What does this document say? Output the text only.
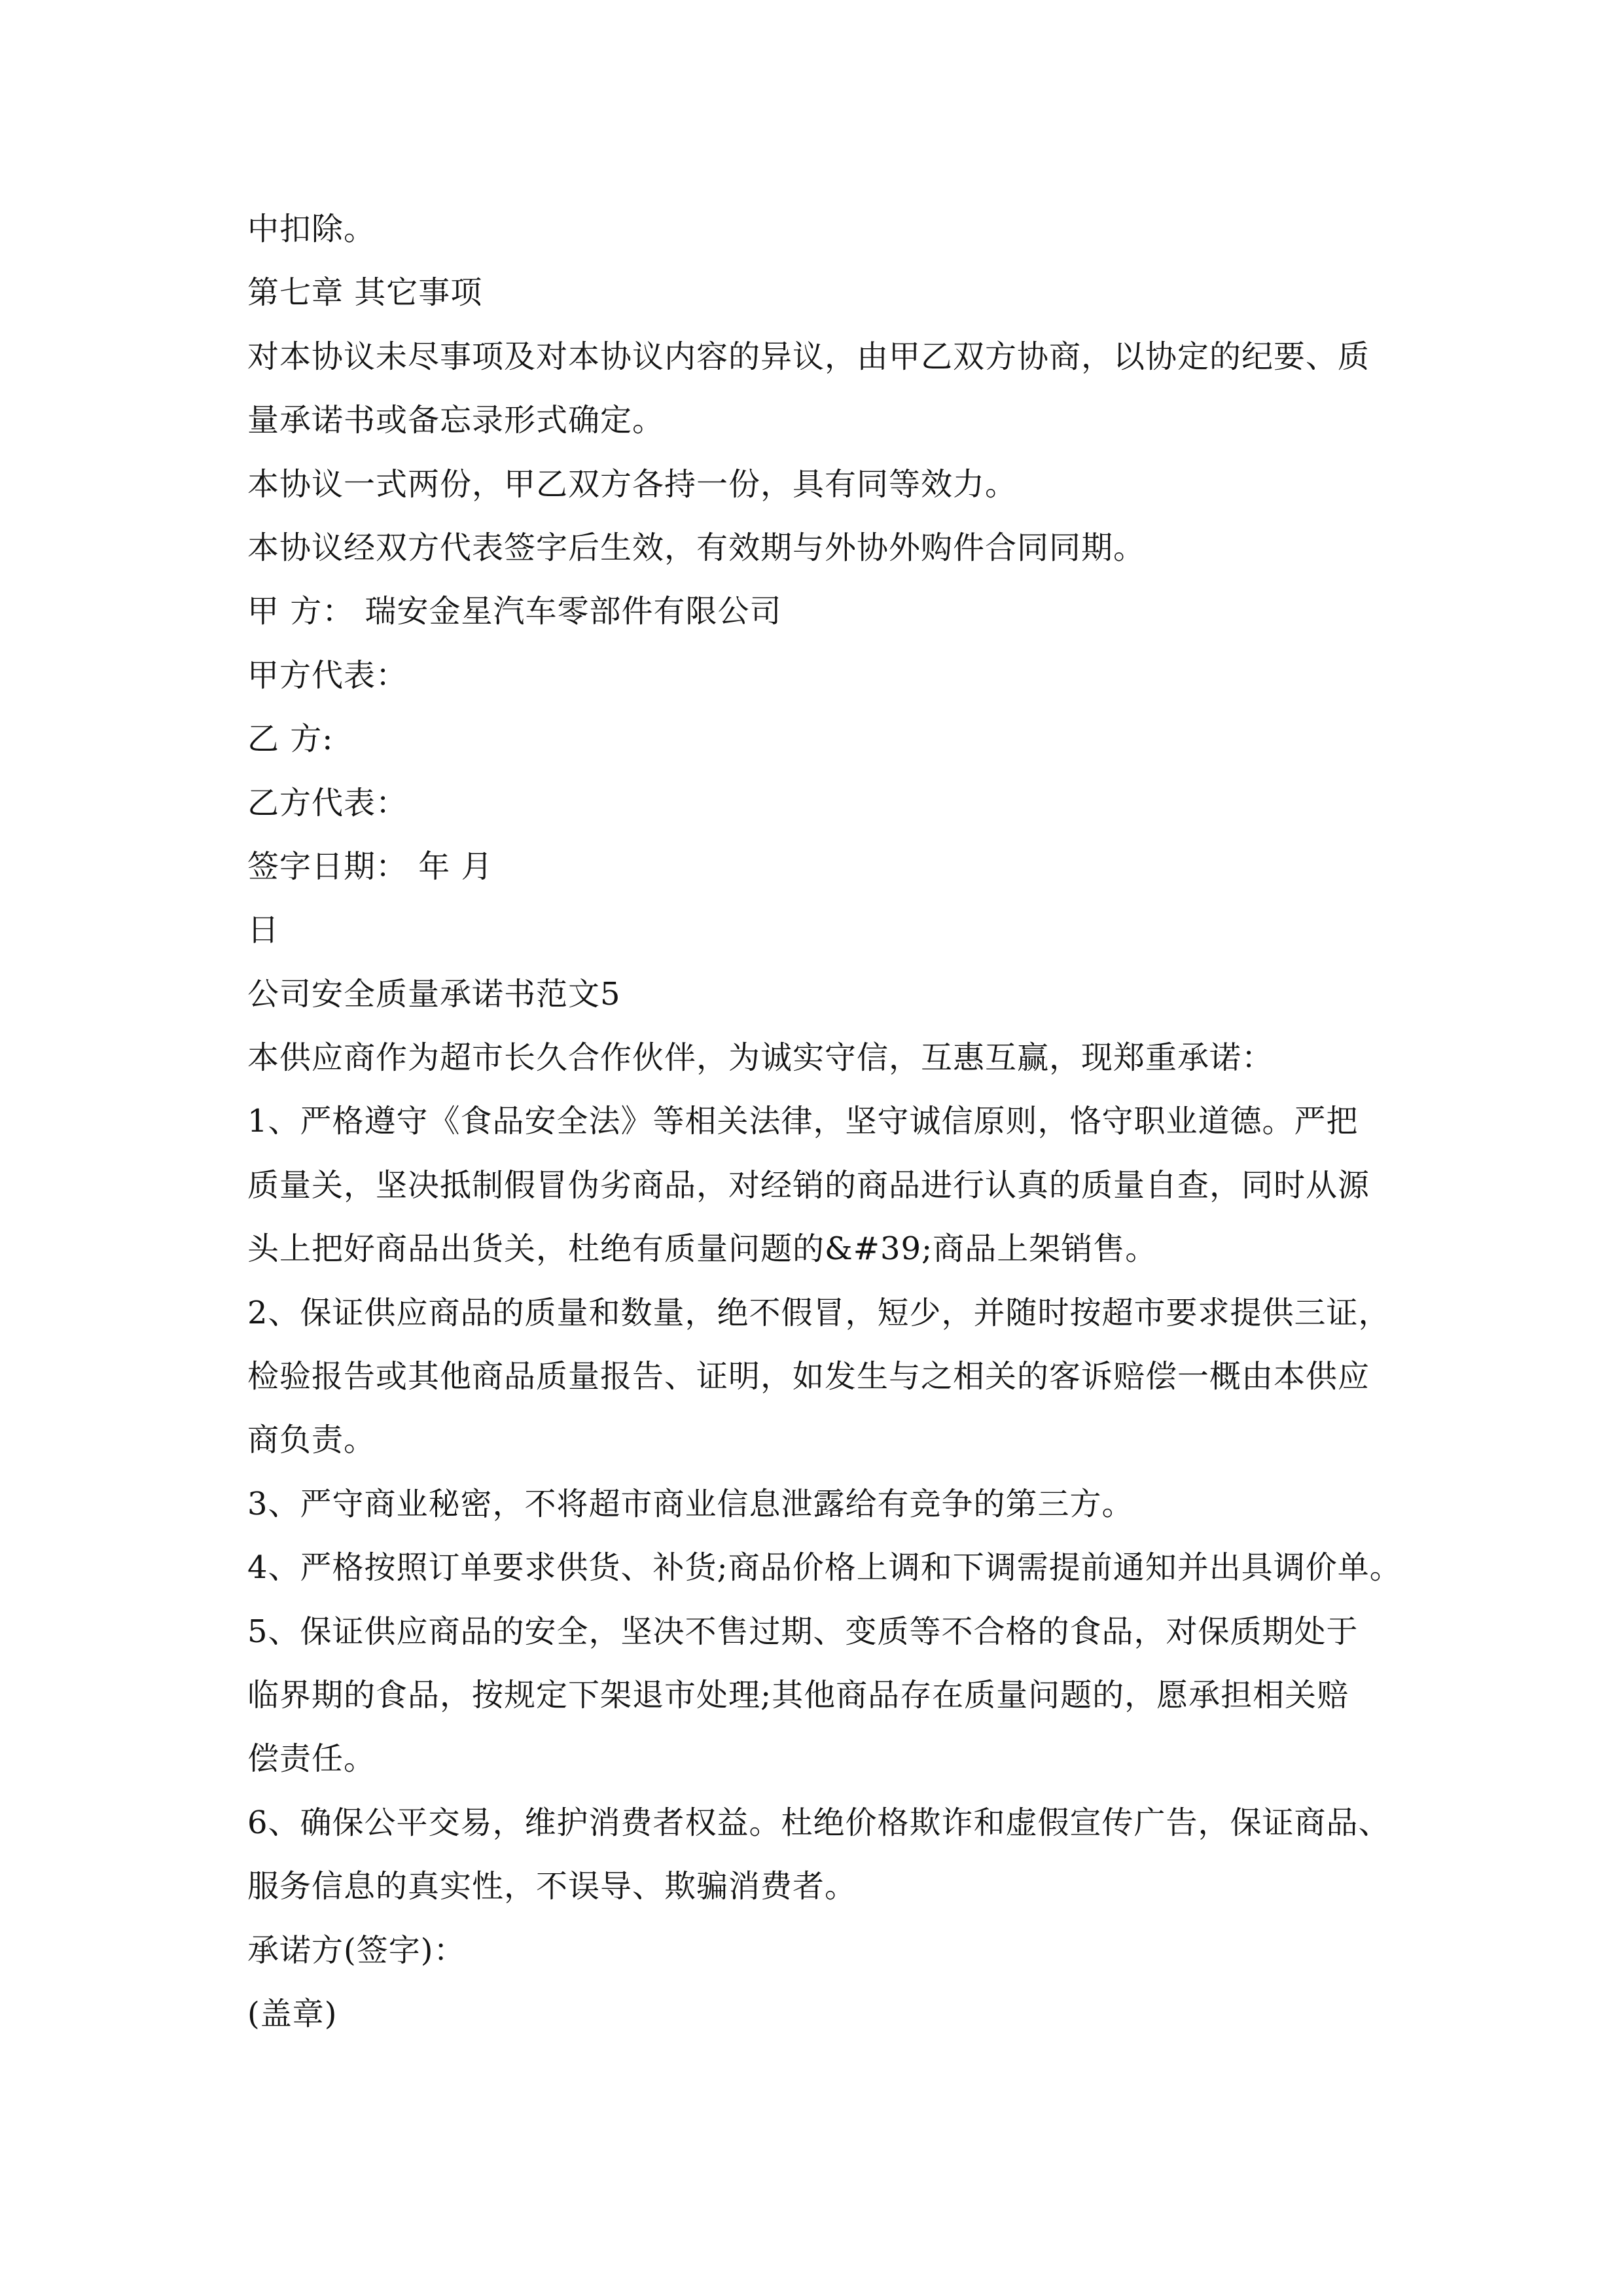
中扣除。
第七章 其它事项
对本协议未尽事项及对本协议内容的异议，由甲乙双方协商，以协定的纪要、质
量承诺书或备忘录形式确定。
本协议一式两份，甲乙双方各持一份，具有同等效力。
本协议经双方代表签字后生效，有效期与外协外购件合同同期。
甲 方： 瑞安金星汽车零部件有限公司
甲方代表：
乙 方:
乙方代表：
签字日期： 年 月
日
公司安全质量承诺书范文5
本供应商作为超市长久合作伙伴，为诚实守信，互惠互赢，现郑重承诺：
1、严格遵守《食品安全法》等相关法律，坚守诚信原则，恪守职业道德。严把
质量关，坚决抵制假冒伪劣商品，对经销的商品进行认真的质量自查，同时从源
头上把好商品出货关，杜绝有质量问题的&#39;商品上架销售。
2、保证供应商品的质量和数量，绝不假冒，短少，并随时按超市要求提供三证，
检验报告或其他商品质量报告、证明，如发生与之相关的客诉赔偿一概由本供应
商负责。
3、严守商业秘密，不将超市商业信息泄露给有竞争的第三方。
4、严格按照订单要求供货、补货;商品价格上调和下调需提前通知并出具调价单。
5、保证供应商品的安全，坚决不售过期、变质等不合格的食品，对保质期处于
临界期的食品，按规定下架退市处理;其他商品存在质量问题的，愿承担相关赔
偿责任。
6、确保公平交易，维护消费者权益。杜绝价格欺诈和虚假宣传广告，保证商品、
服务信息的真实性，不误导、欺骗消费者。
承诺方(签字)：
(盖章)
